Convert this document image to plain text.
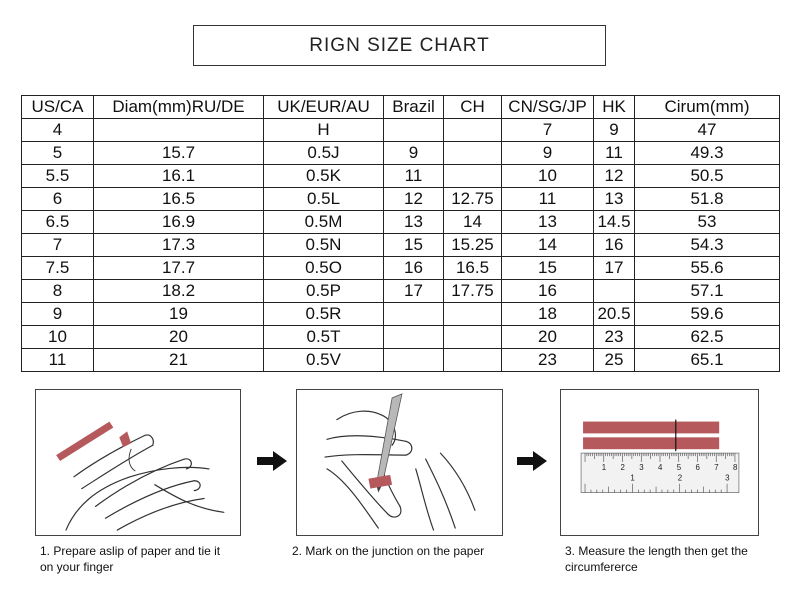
RIGN SIZE CHART
US/CA	Diam(mm)RU/DE	UK/EUR/AU	Brazil	CH	CN/SG/JP	HK	Cirum(mm)
4		H			7	9	47
5	15.7	0.5J	9		9	11	49.3
5.5	16.1	0.5K	11		10	12	50.5
6	16.5	0.5L	12	12.75	11	13	51.8
6.5	16.9	0.5M	13	14	13	14.5	53
7	17.3	0.5N	15	15.25	14	16	54.3
7.5	17.7	0.5O	16	16.5	15	17	55.6
8	18.2	0.5P	17	17.75	16		57.1
9	19	0.5R			18	20.5	59.6
10	20	0.5T			20	23	62.5
11	21	0.5V			23	25	65.1
1 2 3 4 5 6 7 8
1	2	3
1. Prepare aslip of paper and tie it
on your finger
2. Mark on the junction on the paper	3. Measure the length then get the
circumfererce
